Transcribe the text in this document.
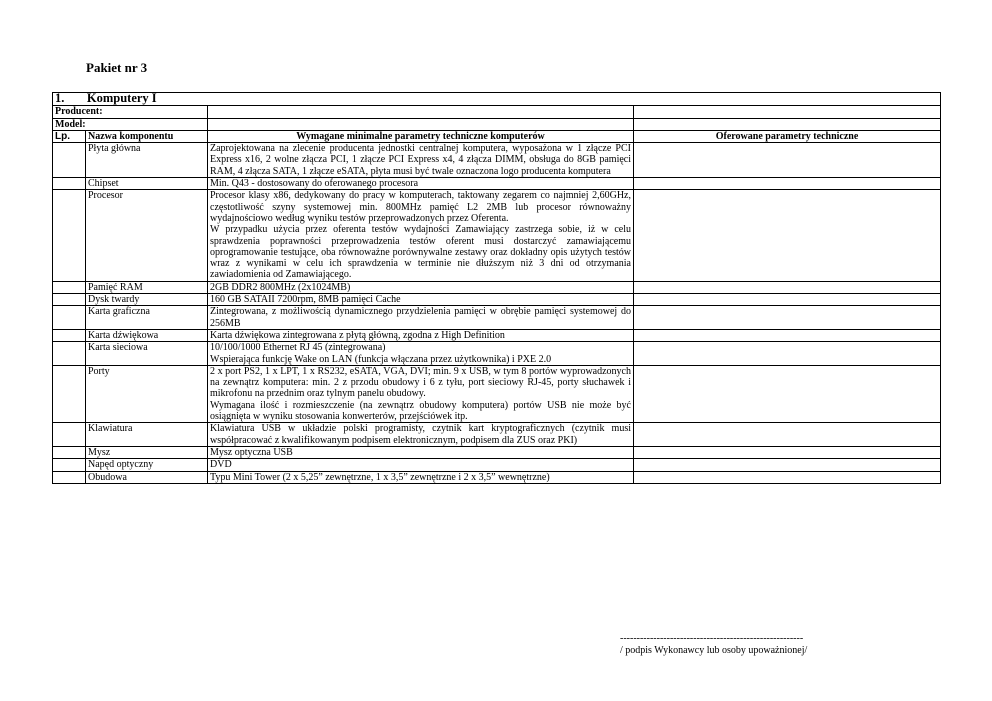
Pakiet nr 3
1. Komputery I			
Producent:			
Model:			
Lp.	Nazwa komponentu	Wymagane minimalne parametry techniczne komputerów	Oferowane parametry techniczne
	Płyta główna	Zaprojektowana na zlecenie producenta jednostki centralnej komputera, wyposażona w 1 złącze PCI Express x16, 2 wolne złącza PCI, 1 złącze PCI Express x4, 4 złącza DIMM, obsługa do 8GB pamięci RAM, 4 złącza SATA, 1 złącze eSATA, płyta musi być twale oznaczona logo producenta komputera	

	Chipset	Min. Q43 - dostosowany do oferowanego procesora	

	Procesor	Procesor klasy x86, dedykowany do pracy w komputerach, taktowany zegarem co najmniej 2,60GHz, częstotliwość szyny systemowej min. 800MHz pamięć L2 2MB lub procesor równoważny wydajnościowo według wyniku testów przeprowadzonych przez Oferenta.
W przypadku użycia przez oferenta testów wydajności Zamawiający zastrzega sobie, iż w celu sprawdzenia poprawności przeprowadzenia testów oferent musi dostarczyć zamawiającemu oprogramowanie testujące, oba równoważne porównywalne zestawy oraz dokładny opis użytych testów wraz z wynikami w celu ich sprawdzenia w terminie nie dłuższym niż 3 dni od otrzymania zawiadomienia od Zamawiającego.	

	Pamięć RAM	2GB DDR2 800MHz (2x1024MB)	

	Dysk twardy	160 GB SATAII 7200rpm, 8MB pamięci Cache	

	Karta graficzna	Zintegrowana, z możliwością dynamicznego przydzielenia pamięci w obrębie pamięci systemowej do 256MB	

	Karta dźwiękowa	Karta dźwiękowa zintegrowana z płytą główną, zgodna z High Definition	

	Karta sieciowa	10/100/1000 Ethernet RJ 45 (zintegrowana)
Wspierająca funkcję Wake on LAN (funkcja włączana przez użytkownika) i PXE 2.0	

	Porty	2 x port PS2, 1 x LPT, 1 x RS232, eSATA, VGA, DVI; min. 9 x USB, w tym 8 portów wyprowadzonych na zewnątrz komputera: min. 2 z przodu obudowy i 6 z tyłu, port sieciowy RJ-45, porty słuchawek i mikrofonu na przednim oraz tylnym panelu obudowy.
Wymagana ilość i rozmieszczenie (na zewnątrz obudowy komputera) portów USB nie może być osiągnięta w wyniku stosowania konwerterów, przejściówek itp.	

	Klawiatura	Klawiatura USB w układzie polski programisty, czytnik kart kryptograficznych (czytnik musi współpracować z kwalifikowanym podpisem elektronicznym, podpisem dla ZUS oraz PKI)	

	Mysz	Mysz optyczna USB	

	Napęd optyczny	DVD	

	Obudowa	Typu Mini Tower (2 x 5,25” zewnętrzne, 1 x 3,5” zewnętrzne i 2 x 3,5” wewnętrzne)	

-------------------------------------------------------
/ podpis Wykonawcy lub osoby upoważnionej/
